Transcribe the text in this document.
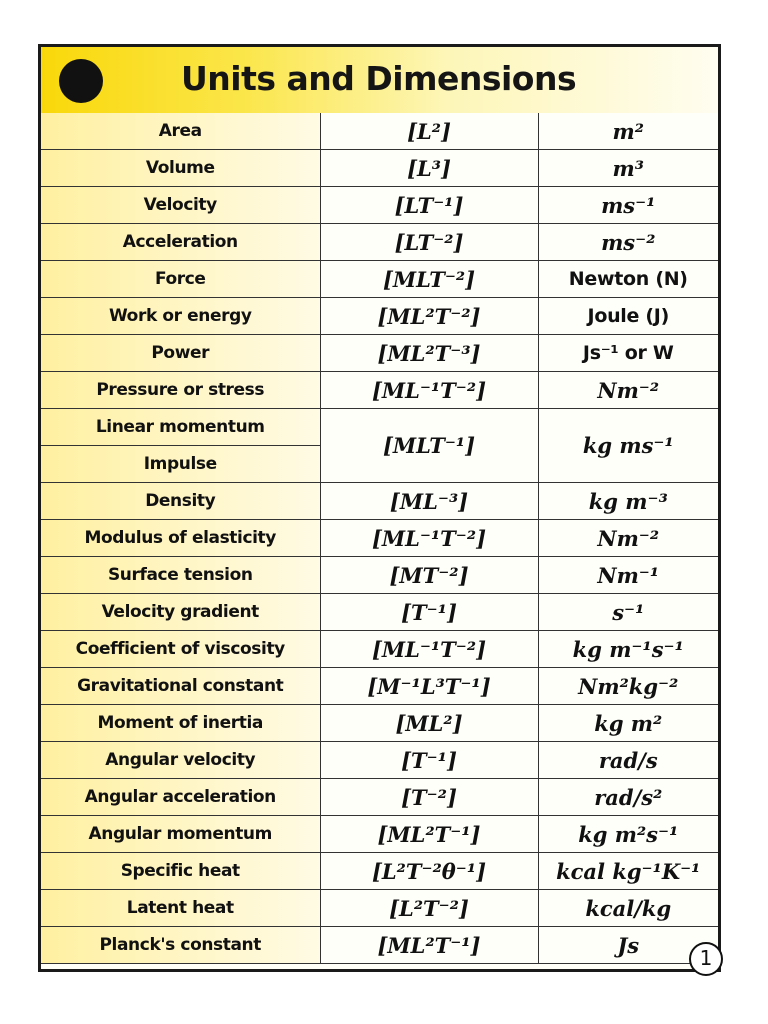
Units and Dimensions
Area	[L²]	m²
Volume	[L³]	m³
Velocity	[LT⁻¹]	ms⁻¹
Acceleration	[LT⁻²]	ms⁻²
Force	[MLT⁻²]	Newton (N)
Work or energy	[ML²T⁻²]	Joule (J)
Power	[ML²T⁻³]	Js⁻¹ or W
Pressure or stress	[ML⁻¹T⁻²]	Nm⁻²
Linear momentum	[MLT⁻¹]	kg ms⁻¹
Impulse		
Density	[ML⁻³]	kg m⁻³
Modulus of elasticity	[ML⁻¹T⁻²]	Nm⁻²
Surface tension	[MT⁻²]	Nm⁻¹
Velocity gradient	[T⁻¹]	s⁻¹
Coefficient of viscosity	[ML⁻¹T⁻²]	kg m⁻¹s⁻¹
Gravitational constant	[M⁻¹L³T⁻¹]	Nm²kg⁻²
Moment of inertia	[ML²]	kg m²
Angular velocity	[T⁻¹]	rad/s
Angular acceleration	[T⁻²]	rad/s²
Angular momentum	[ML²T⁻¹]	kg m²s⁻¹
Specific heat	[L²T⁻²θ⁻¹]	kcal kg⁻¹K⁻¹
Latent heat	[L²T⁻²]	kcal/kg
Planck's constant	[ML²T⁻¹]	Js
1
